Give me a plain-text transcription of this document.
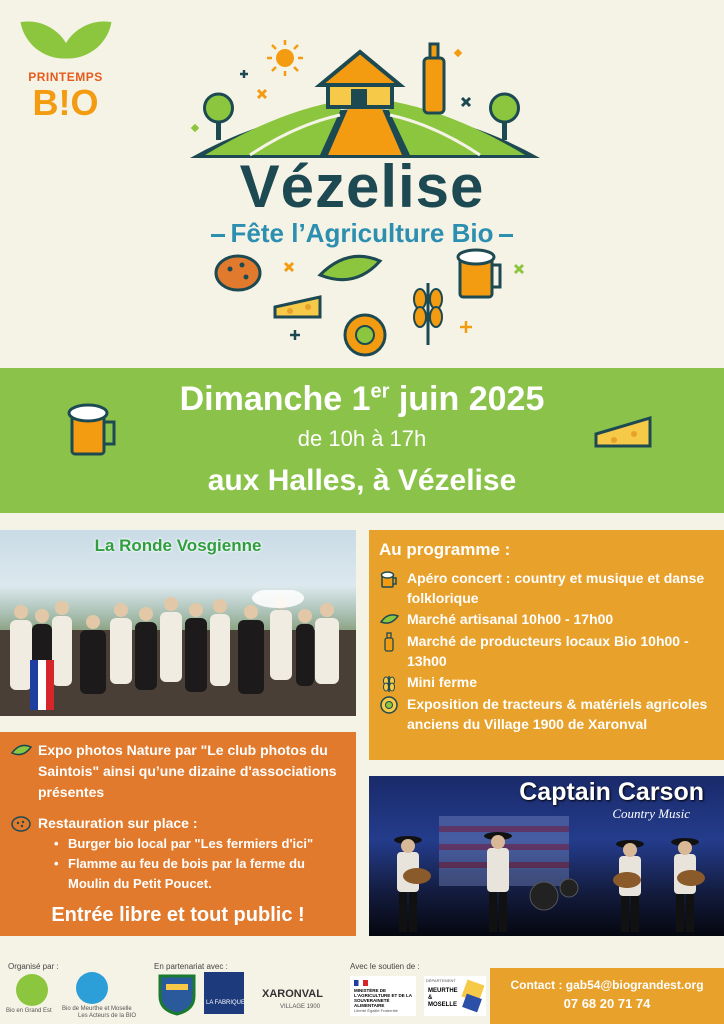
PRINTEMPS
B!O
Vézelise
Fête l’Agriculture Bio
Dimanche 1er juin 2025
de 10h à 17h
aux Halles, à Vézelise
La Ronde Vosgienne	Au programme :
Apéro concert : country et musique et danse folklorique
Marché artisanal 10h00 - 17h00
Marché de producteurs locaux Bio 10h00 - 13h00
Mini ferme
Exposition de tracteurs & matériels agricoles anciens du Village 1900 de Xaronval
Expo photos Nature par "Le club photos du Saintois" ainsi qu’une dizaine d'associations présentes
Restauration sur place :
• Burger bio local par "Les fermiers d'ici"
• Flamme au feu de bois par la ferme du Moulin du Petit Poucet.
Entrée libre et tout public !
Captain Carson
Country Music
Organisé par :
Bio en Grand Est Bio de Meurthe et Moselle
Les Acteurs de la BIO
En partenariat avec :
LA FABRIQUE
XARONVAL
VILLAGE 1900
Avec le soutien de :
MINISTÈRE DE L'AGRICULTURE ET DE LA SOUVERAINETÉ ALIMENTAIRE
Liberté Égalité Fraternité
DÉPARTEMENT
MEURTHE & MOSELLE
Contact : gab54@biograndest.org
07 68 20 71 74
